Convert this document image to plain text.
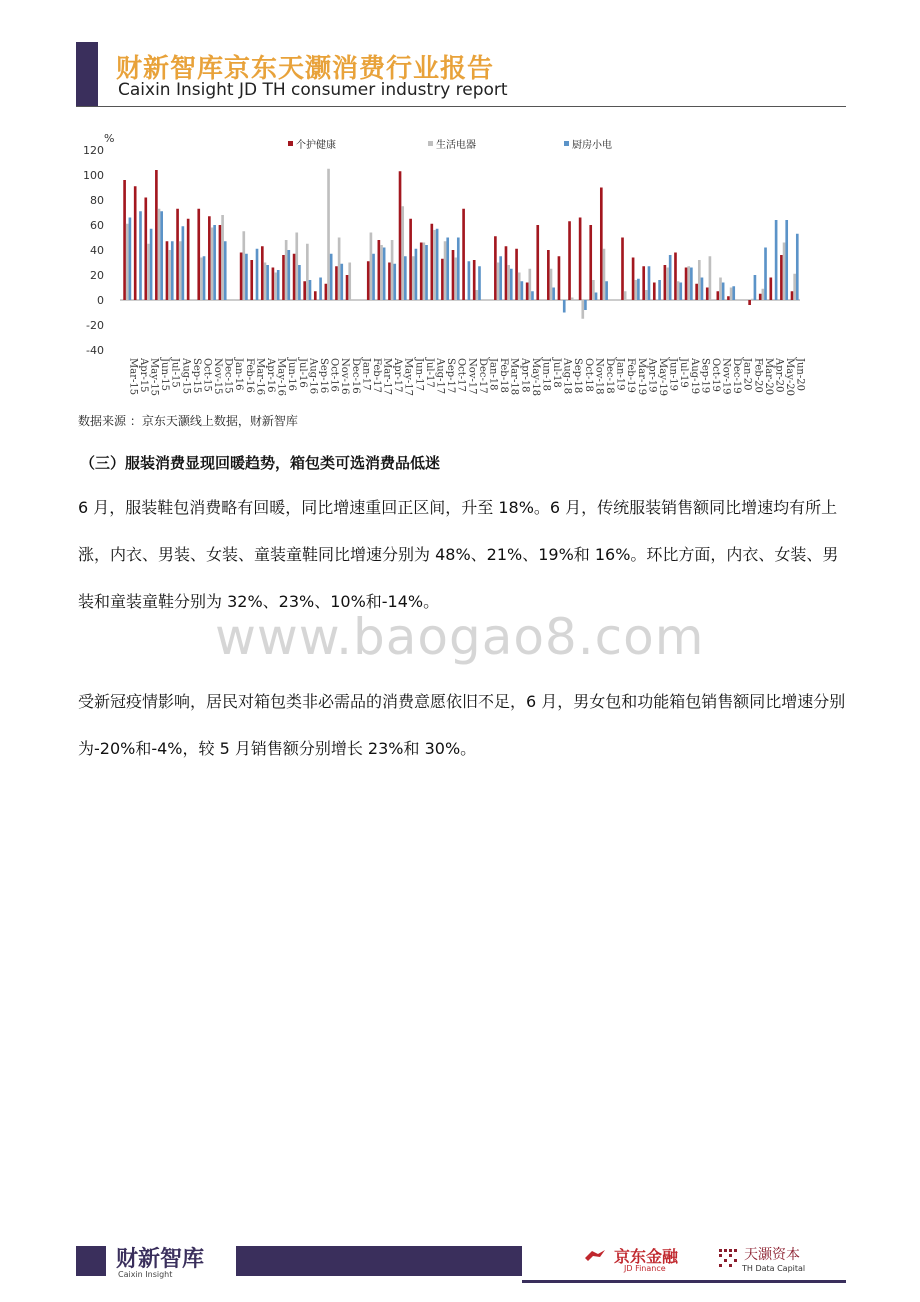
财新智库京东天灏消费行业报告
Caixin Insight JD TH consumer industry report
%
-40
-20
0
20
40
60
80
100
120	个护健康	生活电器	厨房小电
Mar-15 Apr-15 May-15 Jun-15 Jul-15 Aug-15 Sep-15 Oct-15 Nov-15 Dec-15 Jan-16 Feb-16 Mar-16 Apr-16 May-16 Jun-16 Jul-16 Aug-16 Sep-16 Oct-16 Nov-16 Dec-16 Jan-17 Feb-17 Mar-17 Apr-17 May-17 Jun-17 Jul-17 Aug-17 Sep-17 Oct-17 Nov-17 Dec-17 Jan-18 Feb-18 Mar-18 Apr-18 May-18 Jun-18 Jul-18 Aug-18 Sep-18 Oct-18 Nov-18 Dec-18 Jan-19 Feb-19 Mar-19 Apr-19 May-19 Jun-19 Jul-19 Aug-19 Sep-19 Oct-19 Nov-19 Dec-19 Jan-20 Feb-20 Mar-20 Apr-20 May-20 Jun-20
数据来源 ：京东天灏线上数据，财新智库
（三）服装消费显现回暖趋势，箱包类可选消费品低迷
6 月，服装鞋包消费略有回暖，同比增速重回正区间，升至 18%。6 月，传统服装销售额同比增速均有所上涨，内衣、男装、女装、童装童鞋同比增速分别为 48%、21%、19%和 16%。环比方面，内衣、女装、男装和童装童鞋分别为 32%、23%、10%和-14%。
www.baogao8.com
受新冠疫情影响，居民对箱包类非必需品的消费意愿依旧不足，6 月，男女包和功能箱包销售额同比增速分别为-20%和-4%，较 5 月销售额分别增长 23%和 30%。
财新智库
Caixin Insight
京东金融
JD Finance
天灏资本
TH Data Capital
